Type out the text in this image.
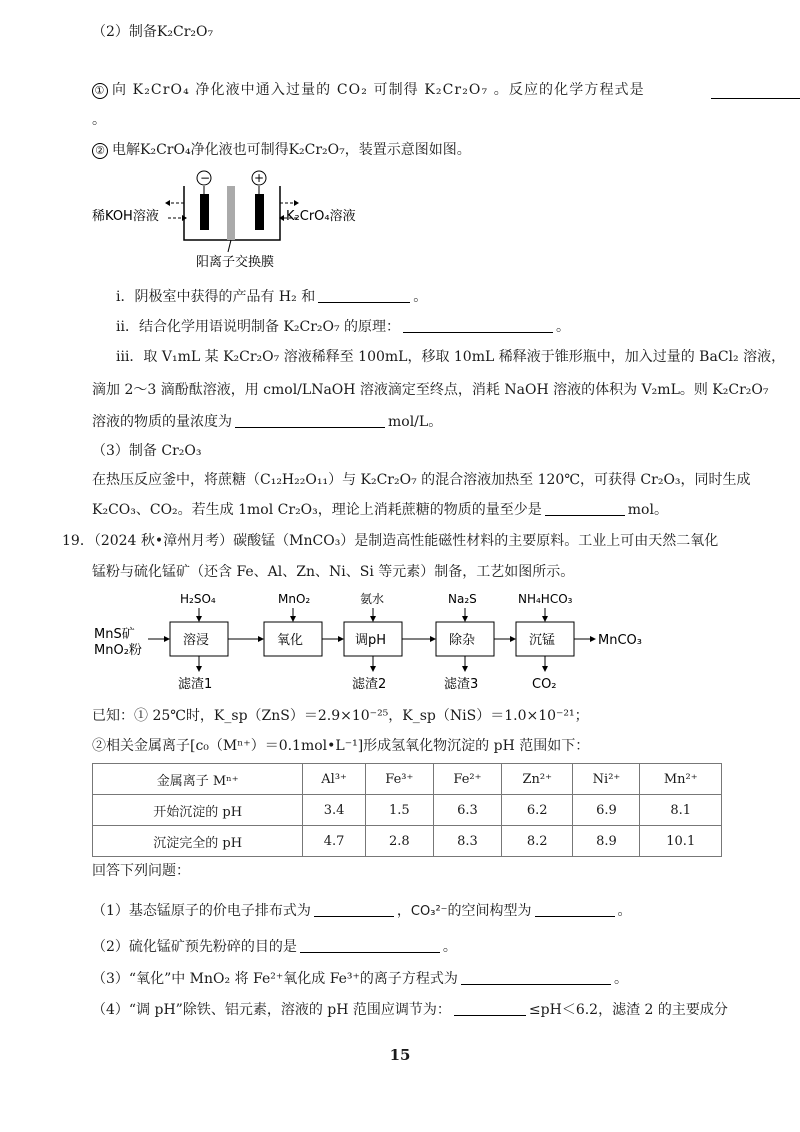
（2）制备K₂Cr₂O₇
① 向 K₂CrO₄ 净化液中通入过量的 CO₂ 可制得 K₂Cr₂O₇ 。反应的化学方程式是
。
② 电解K₂CrO₄净化液也可制得K₂Cr₂O₇，装置示意图如图。
稀KOH溶液	K₂CrO₄溶液
−	+
阳离子交换膜
ⅰ．阴极室中获得的产品有 H₂ 和	。
ⅱ．结合化学用语说明制备 K₂Cr₂O₇ 的原理：	。
ⅲ．取 V₁mL 某 K₂Cr₂O₇ 溶液稀释至 100mL，移取 10mL 稀释液于锥形瓶中，加入过量的 BaCl₂ 溶液，
滴加 2～3 滴酚酞溶液，用 cmol/LNaOH 溶液滴定至终点，消耗 NaOH 溶液的体积为 V₂mL。则 K₂Cr₂O₇
溶液的物质的量浓度为	mol/L。
（3）制备 Cr₂O₃
在热压反应釜中，将蔗糖（C₁₂H₂₂O₁₁）与 K₂Cr₂O₇ 的混合溶液加热至 120℃，可获得 Cr₂O₃，同时生成
K₂CO₃、CO₂。若生成 1mol Cr₂O₃，理论上消耗蔗糖的物质的量至少是	mol。
19．（2024 秋•漳州月考）碳酸锰（MnCO₃）是制造高性能磁性材料的主要原料。工业上可由天然二氧化
锰粉与硫化锰矿（还含 Fe、Al、Zn、Ni、Si 等元素）制备，工艺如图所示。
MnS矿
MnO₂粉
溶浸
H₂SO₄
滤渣1
氧化
MnO₂
调pH
氨水
滤渣2
除杂
Na₂S
滤渣3
沉锰
NH₄HCO₃
CO₂
MnCO₃
已知：① 25℃时，K_sp（ZnS）＝2.9×10⁻²⁵，K_sp（NiS）＝1.0×10⁻²¹；
②相关金属离子[c₀（Mⁿ⁺）＝0.1mol•L⁻¹]形成氢氧化物沉淀的 pH 范围如下：
金属离子 Mⁿ⁺	Al³⁺	Fe³⁺	Fe²⁺	Zn²⁺	Ni²⁺	Mn²⁺
开始沉淀的 pH	3.4	1.5	6.3	6.2	6.9	8.1
沉淀完全的 pH	4.7	2.8	8.3	8.2	8.9	10.1
回答下列问题：
（1）基态锰原子的价电子排布式为	，CO₃²⁻的空间构型为	。
（2）硫化锰矿预先粉碎的目的是	。
（3）“氧化”中 MnO₂ 将 Fe²⁺氧化成 Fe³⁺的离子方程式为	。
（4）“调 pH”除铁、铝元素，溶液的 pH 范围应调节为：	≤pH＜6.2，滤渣 2 的主要成分
15
